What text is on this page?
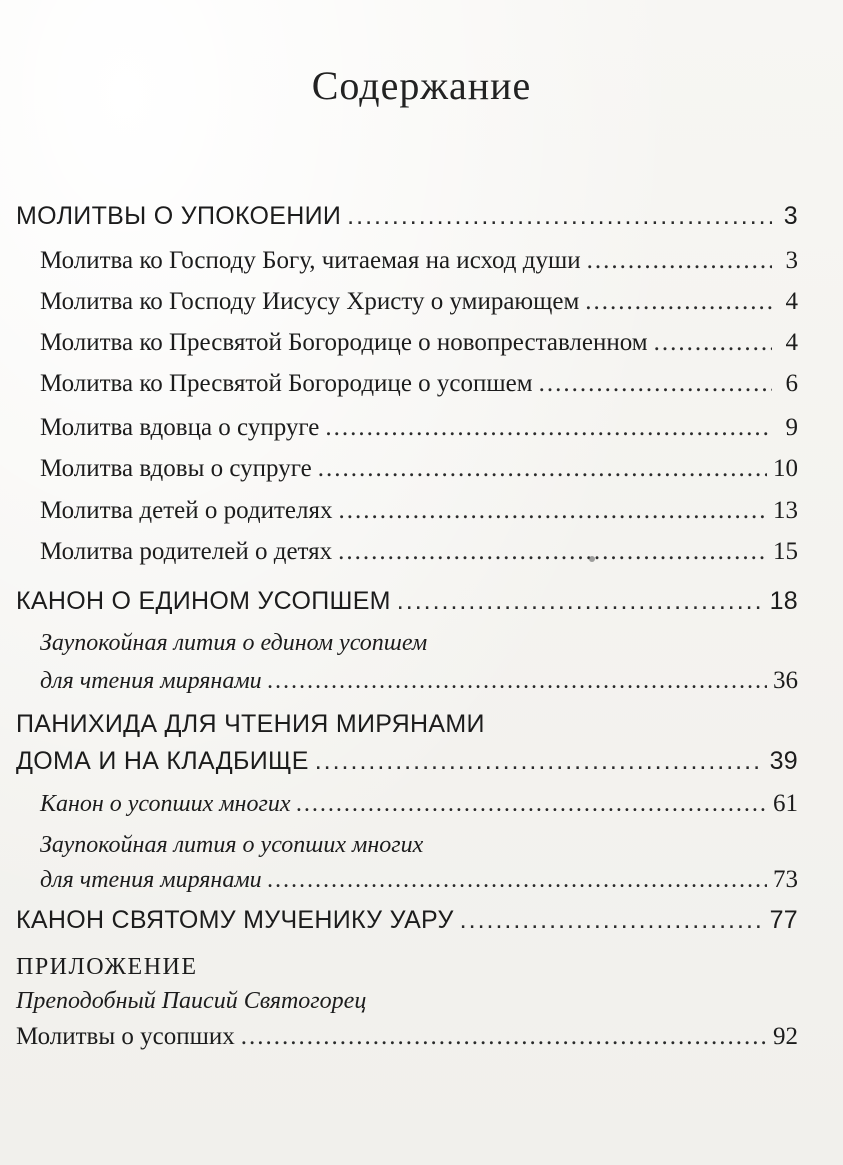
Содержание
МОЛИТВЫ О УПОКОЕНИИ .....	3
Молитва ко Господу Богу, читаемая на исход души .....	3
Молитва ко Господу Иисусу Христу о умирающем .....	4
Молитва ко Пресвятой Богородице о новопреставленном .....	4
Молитва ко Пресвятой Богородице о усопшем .....	6
Молитва вдовца о супруге .....	9
Молитва вдовы о супруге .....	10
Молитва детей о родителях .....	13
Молитва родителей о детях .....	15
КАНОН О ЕДИНОМ УСОПШЕМ .....	18
Заупокойная лития о едином усопшем
для чтения мирянами .....	36
ПАНИХИДА ДЛЯ ЧТЕНИЯ МИРЯНАМИ
ДОМА И НА КЛАДБИЩЕ .....	39
Канон о усопших многих .....	61
Заупокойная лития о усопших многих
для чтения мирянами .....	73
КАНОН СВЯТОМУ МУЧЕНИКУ УАРУ .....	77
ПРИЛОЖЕНИЕ
Преподобный Паисий Святогорец
Молитвы о усопших .....	92
